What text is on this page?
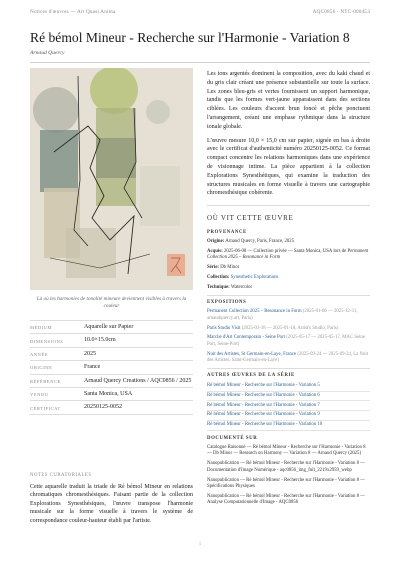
Notices d'œuvres — Art Quasi Anima	AQC0856 · NTC-000453
Ré bémol Mineur - Recherche sur l'Harmonie - Variation 8
Arnaud Quercy
Là où les harmonies de tonalité mineure deviennent visibles à travers la couleur
MÉDIUM	Aquarelle sur Papier
DIMENSIONS	10.0×15.0cm
ANNÉE	2025
ORIGINE	France
RÉFÉRENCE	Arnaud Quercy Creations / AQC0856 / 2025
VENDU	Santa Monica, USA
CERTIFICAT	20250125-0052
NOTES CURATORIALES
Cette aquarelle traduit la triade de Ré bémol Mineur en relations chromatiques chromesthésiques. Faisant partie de la collection Explorations Synesthésiques, l'œuvre transpose l'harmonie musicale sur la forme visuelle à travers le système de correspondance couleur-hauteur établi par l'artiste.

Les tons argentés dominent la composition, avec du kaki chaud et du gris clair créant une présence substantielle sur toute la surface. Les zones bleu-gris et vertes fournissent un support harmonique, tandis que les formes vert-jaune apparaissent dans des sections ciblées. Les couleurs d'accent brun foncé et pêche ponctuent l'arrangement, créant une emphase rythmique dans la structure tonale globale.

L'œuvre mesure 10,0 × 15,0 cm sur papier, signée en bas à droite avec le certificat d'authenticité numéro 20250125-0052. Ce format compact concentre les relations harmoniques dans une expérience de visionnage intime. La pièce appartient à la collection Explorations Synesthétiques, qui examine la traduction des structures musicales en forme visuelle à travers une cartographie chromesthésique cohérente.

OÙ VIT CETTE ŒUVRE
PROVENANCE

Origine: Arnaud Quercy, Paris, France, 2025

Acquis: 2025-06-08 — Collection privée — Santa Monica, USA lors de Permanent Collection 2025 – Resonance in Form

Série: Db Minor

Collection: Synesthetic Explorations

Technique: Watercolor

EXPOSITIONS

Permanent Collection 2025 – Resonance in Form (2025-01-06 — 2025-12-31, arnaudquercy.art, Paris)

Paris Studio Visit (2025-01-18 — 2025-01-18, Artist's Studio, Paris)

Marché d'Art Contemporain - Seine Port (2025-05-17 — 2025-05-17, MAC Seine Port, Seine-Port)

Nuit des Artistes, St Germain-en-Laye, France (2025-09-24 — 2025-09-24, La Nuit des Artistes, Saint-Germain-en-Laye)

AUTRES ŒUVRES DE LA SÉRIE

Ré bémol Mineur - Recherche sur l'Harmonie - Variation 5

Ré bémol Mineur - Recherche sur l'Harmonie - Variation 6

Ré bémol Mineur - Recherche sur l'Harmonie - Variation 7

Ré bémol Mineur - Recherche sur l'Harmonie - Variation 9

Ré bémol Mineur - Recherche sur l'Harmonie - Variation 10

DOCUMENTÉ SUR

Catalogue Raisonné — Ré bémol Mineur - Recherche sur l'Harmonie - Variation 8 — Db Minor — Research on Harmony — Variation 8 — Arnaud Quercy (2025)

Nanopublication — Ré bémol Mineur - Recherche sur l'Harmonie - Variation 8 — Documentation d'Image Numérique - aqc0856_img_full_2219x2959_webp

Nanopublication — Ré bémol Mineur - Recherche sur l'Harmonie - Variation 8 — Spécifications Physiques

Nanopublication — Ré bémol Mineur - Recherche sur l'Harmonie - Variation 8 — Analyse Computationnelle d'Image - AQC0856

1
